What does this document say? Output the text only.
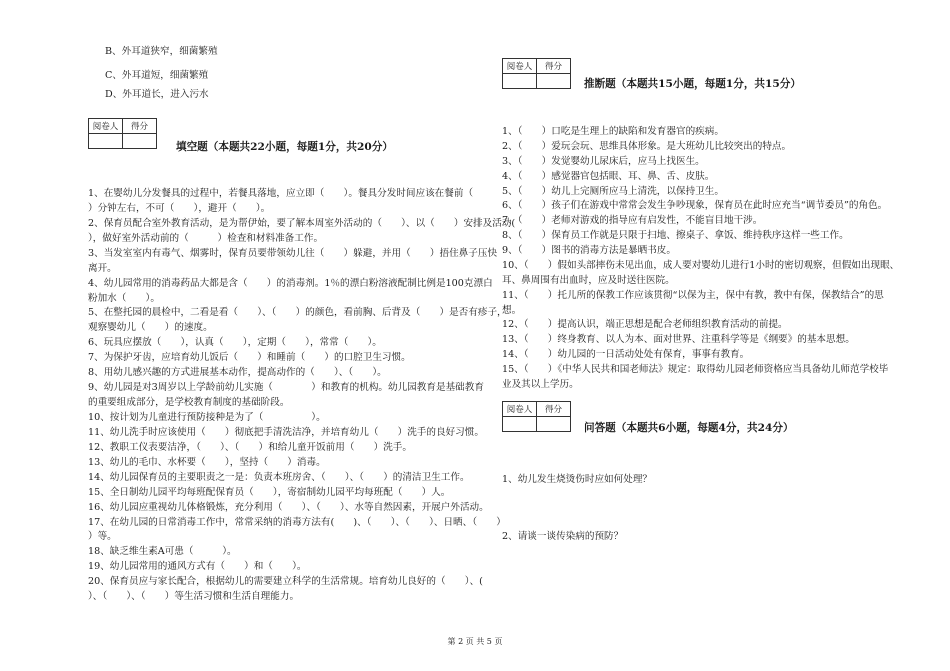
B、外耳道狭窄，细菌繁殖
C、外耳道短，细菌繁殖
D、外耳道长，进入污水
阅卷人	得分

填空题（本题共22小题，每题1分，共20分）
1、在婴幼儿分发餐具的过程中，若餐具落地，应立即（　　）。餐具分发时间应该在餐前（
）分钟左右，不可（　　），避开（　　）。
2、保育员配合室外教育活动，是为帮伊始，要了解本周室外活动的（　　）、以（　　）安排及活动(
），做好室外活动前的（　　　）检查和材料准备工作。
3、当发室室内有毒气、烟雾时，保育员要带领幼儿往（　　）躲避，并用（　　）捂住鼻子压快
离开。
4、幼儿园常用的消毒药品大都是含（　　）的消毒剂。1％的漂白粉溶液配制比例是100克漂白
粉加水（　　）。
5、在整托园的晨检中，二看是看（　　）、（　　）的颜色，看前胸、后背及（　　）是否有疹子，
观察婴幼儿（　　）的速度。
6、玩具应摆放（　　），认真（　　），定期（　　），常常（　　）。
7、为保护牙齿，应培育幼儿饭后（　　）和睡前（　　）的口腔卫生习惯。
8、用幼儿感兴趣的方式进展基本动作，提高动作的（　　）、（　　）。
9、幼儿园是对3周岁以上学龄前幼儿实施（　　　　）和教育的机构。幼儿园教育是基础教育
的重要组成部分，是学校教育制度的基础阶段。
10、按计划为儿童进行预防接种是为了（　　　　　）。
11、幼儿洗手时应该使用（　　）彻底把手清洗洁净，并培育幼儿（　　）洗手的良好习惯。
12、教职工仪表要洁净，（　　）、（　　）和给儿童开饭前用（　　）洗手。
13、幼儿的毛巾、水杯要（　　），坚持（　　）消毒。
14、幼儿园保育员的主要职责之一是：负责本班房舍、（　　）、（　　）的清洁卫生工作。
15、全日制幼儿园平均每班配保育员（　　），寄宿制幼儿园平均每班配（　　）人。
16、幼儿园应重视幼儿体格锻炼，充分利用（　　）、（　　）、水等自然因素，开展户外活动。
17、在幼儿园的日常消毒工作中，常常采纳的消毒方法有(　　)、（　　）、（　　）、日晒、（　　）
）等。
18、缺乏维生素A可患（　　　）。
19、幼儿园常用的通风方式有（　　）和（　　）。
20、保育员应与家长配合，根据幼儿的需要建立科学的生活常规。培育幼儿良好的（　　）、(
）、（　　）、（　　）等生活习惯和生活自理能力。
阅卷人	得分

推断题（本题共15小题，每题1分，共15分）
1、（　　）口吃是生理上的缺陷和发育器官的疾病。
2、（　　）爱玩会玩、思维具体形象。是大班幼儿比较突出的特点。
3、（　　）发觉婴幼儿尿床后，应马上找医生。
4、（　　）感觉器官包括眼、耳、鼻、舌、皮肤。
5、（　　）幼儿上完厕所应马上清洗，以保持卫生。
6、（　　）孩子们在游戏中常常会发生争吵现象，保育员在此时应充当“调节委员”的角色。
7、（　　）老师对游戏的指导应有启发性，不能盲目地干涉。
8、（　　）保育员工作就是只限于扫地、擦桌子、拿饭、维持秩序这样一些工作。
9、（　　）图书的消毒方法是暴晒书皮。
10、（　　）假如头部摔伤未见出血，成人要对婴幼儿进行1小时的密切观察，但假如出现眼、
耳、鼻周围有出血时，应及时送往医院。
11、（　　）托儿所的保教工作应该贯彻“以保为主，保中有教，教中有保，保教结合”的思
想。
12、（　　）提高认识，端正思想是配合老师组织教育活动的前提。
13、（　　）终身教育、以人为本、面对世界、注重科学等是《纲要》的基本思想。
14、（　　）幼儿园的一日活动处处有保育，事事有教育。
15、（　　）《中华人民共和国老师法》规定：取得幼儿园老师资格应当具备幼儿师范学校毕
业及其以上学历。
阅卷人	得分

问答题（本题共6小题，每题4分，共24分）
1、幼儿发生烧烫伤时应如何处理？
2、请谈一谈传染病的预防？
第 2 页 共 5 页
